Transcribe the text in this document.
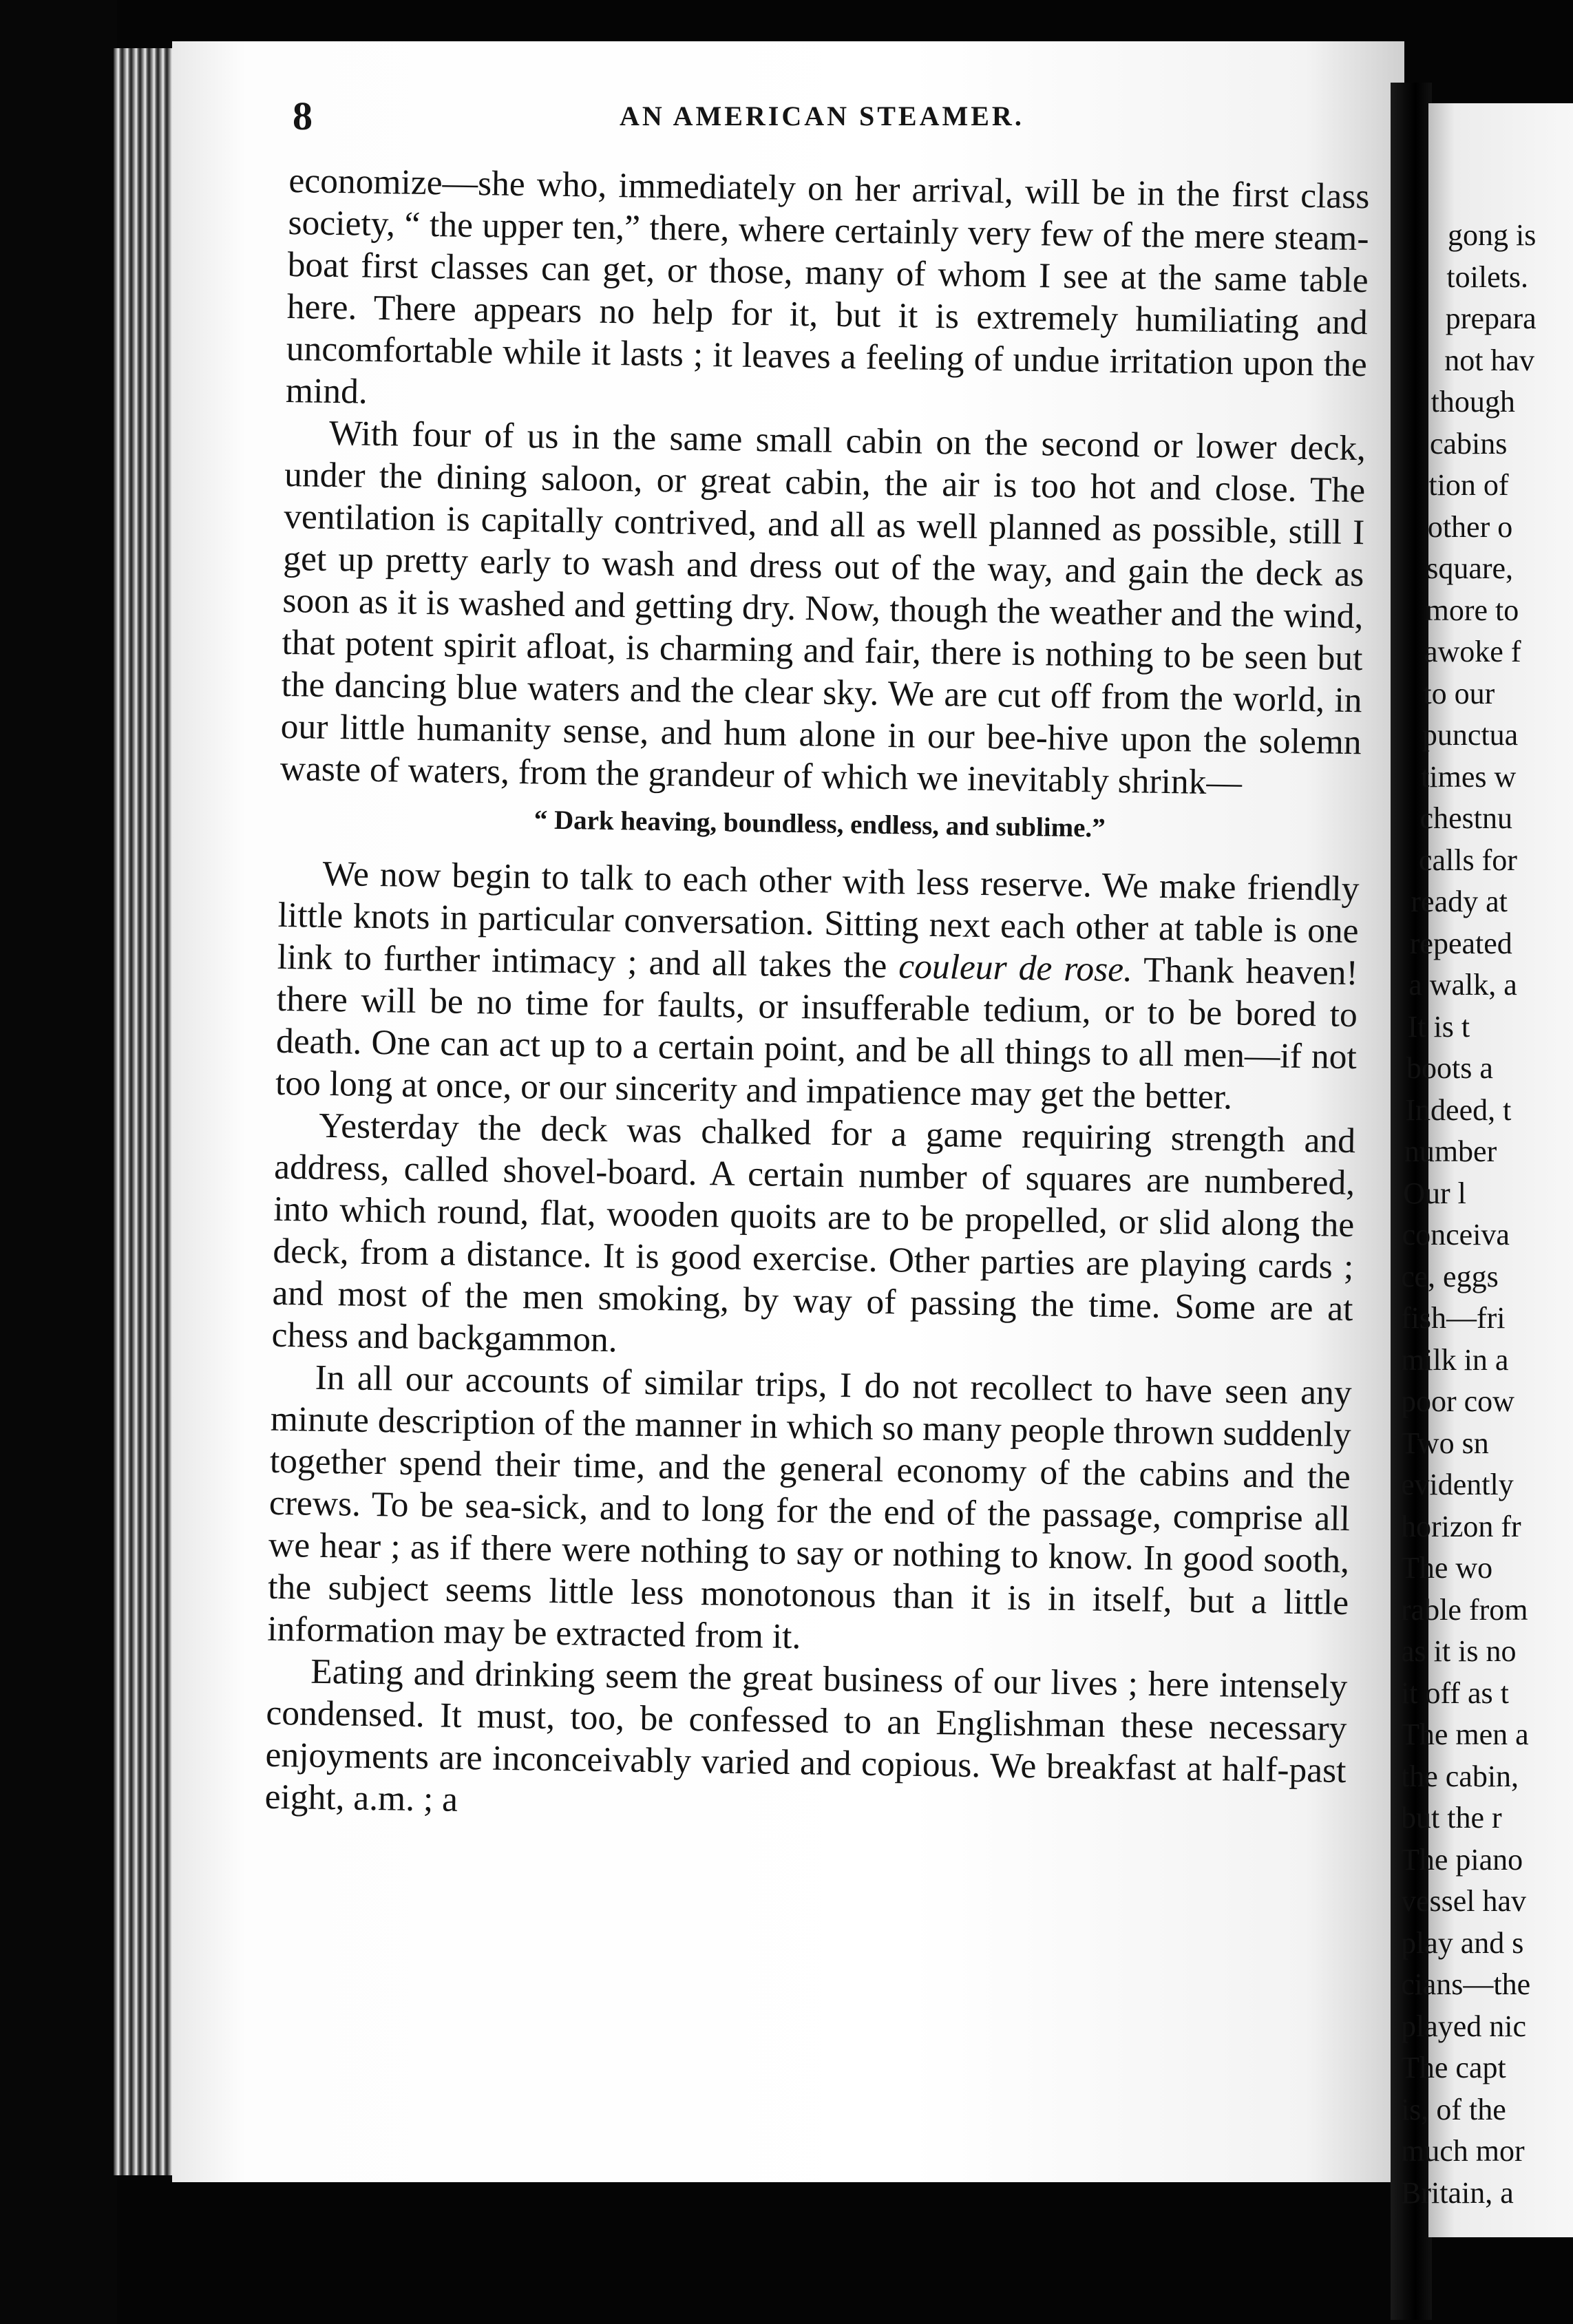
gong is
toilets.
prepara
not hav
though
cabins
tion of
other o
square,
more to
awoke f
to our
punctua
times w
chestnu
calls for
ready at
repeated
a walk, a
It is t
boots a
Indeed, t
number
Our l
conceiva
ce, eggs
fish—fri
milk in a
poor cow
Two sn
evidently
horizon fr
The wo
rable from
as it is no
it off as t
The men a
the cabin,
but the r
The piano
vessel hav
play and s
cians—the
played nic
The capt
is, of the
much mor
Britain, a
8	AN AMERICAN STEAMER.

economize—she who, immediately on her arrival, will be in the first class society, “ the upper ten,” there, where certainly very few of the mere steam-boat first classes can get, or those, many of whom I see at the same table here. There appears no help for it, but it is extremely humiliating and uncomfortable while it lasts ; it leaves a feeling of undue irritation upon the mind.

With four of us in the same small cabin on the second or lower deck, under the dining saloon, or great cabin, the air is too hot and close. The ventilation is capitally contrived, and all as well planned as possible, still I get up pretty early to wash and dress out of the way, and gain the deck as soon as it is washed and getting dry. Now, though the weather and the wind, that potent spirit afloat, is charming and fair, there is nothing to be seen but the dancing blue waters and the clear sky. We are cut off from the world, in our little humanity sense, and hum alone in our bee-hive upon the solemn waste of waters, from the grandeur of which we inevitably shrink—

“ Dark heaving, boundless, endless, and sublime.”

We now begin to talk to each other with less reserve. We make friendly little knots in particular conversation. Sitting next each other at table is one link to further intimacy ; and all takes the couleur de rose. Thank heaven! there will be no time for faults, or insufferable tedium, or to be bored to death. One can act up to a certain point, and be all things to all men—if not too long at once, or our sincerity and impatience may get the better.

Yesterday the deck was chalked for a game requiring strength and address, called shovel-board. A certain number of squares are numbered, into which round, flat, wooden quoits are to be propelled, or slid along the deck, from a distance. It is good exercise. Other parties are playing cards ; and most of the men smoking, by way of passing the time. Some are at chess and backgammon.

In all our accounts of similar trips, I do not recollect to have seen any minute description of the manner in which so many people thrown suddenly together spend their time, and the general economy of the cabins and the crews. To be sea-sick, and to long for the end of the passage, comprise all we hear ; as if there were nothing to say or nothing to know. In good sooth, the subject seems little less monotonous than it is in itself, but a little information may be extracted from it.

Eating and drinking seem the great business of our lives ; here intensely condensed. It must, too, be confessed to an Englishman these necessary enjoyments are inconceivably varied and copious. We breakfast at half-past eight, a.m. ; a
